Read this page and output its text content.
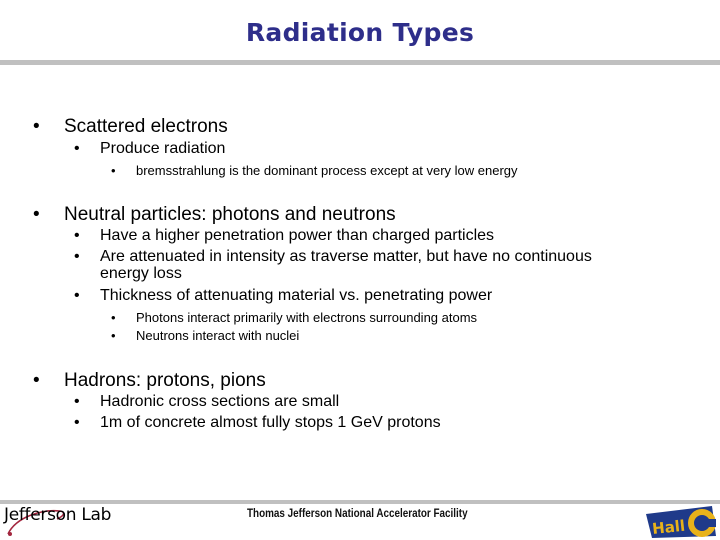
Radiation Types
• Scattered electrons
• Produce radiation
• bremsstrahlung is the dominant process except at very low energy
• Neutral particles: photons and neutrons
• Have a higher penetration power than charged particles
• Are attenuated in intensity as traverse matter, but have no continuous
energy loss
• Thickness of attenuating material vs. penetrating power
• Photons interact primarily with electrons surrounding atoms
• Neutrons interact with nuclei
• Hadrons: protons, pions
• Hadronic cross sections are small
• 1m of concrete almost fully stops 1 GeV protons
Jefferson Lab	Thomas Jefferson National Accelerator Facility
Hall
